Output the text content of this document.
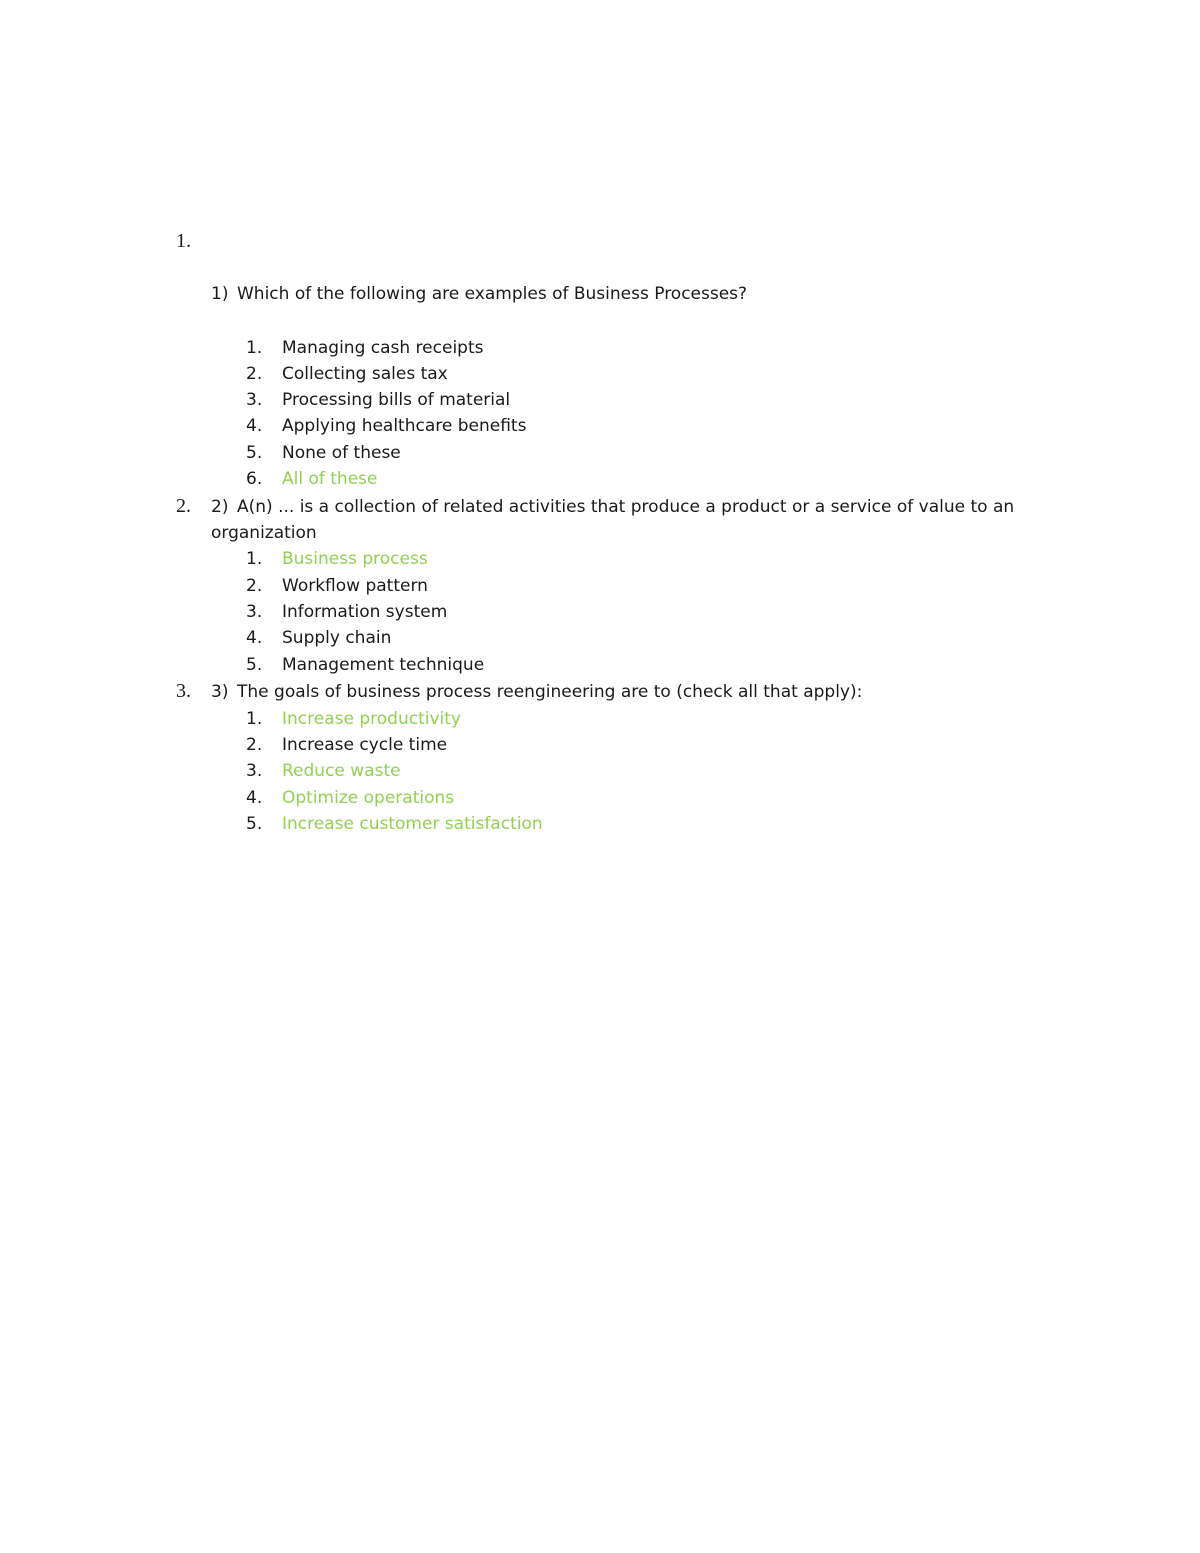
1.
1) Which of the following are examples of Business Processes?
1. Managing cash receipts
2. Collecting sales tax
3. Processing bills of material
4. Applying healthcare benefits
5. None of these
6. All of these
2. 2) A(n) ... is a collection of related activities that produce a product or a service of value to an
organization
1. Business process
2. Workflow pattern
3. Information system
4. Supply chain
5. Management technique
3. 3) The goals of business process reengineering are to (check all that apply):
1. Increase productivity
2. Increase cycle time
3. Reduce waste
4. Optimize operations
5. Increase customer satisfaction
